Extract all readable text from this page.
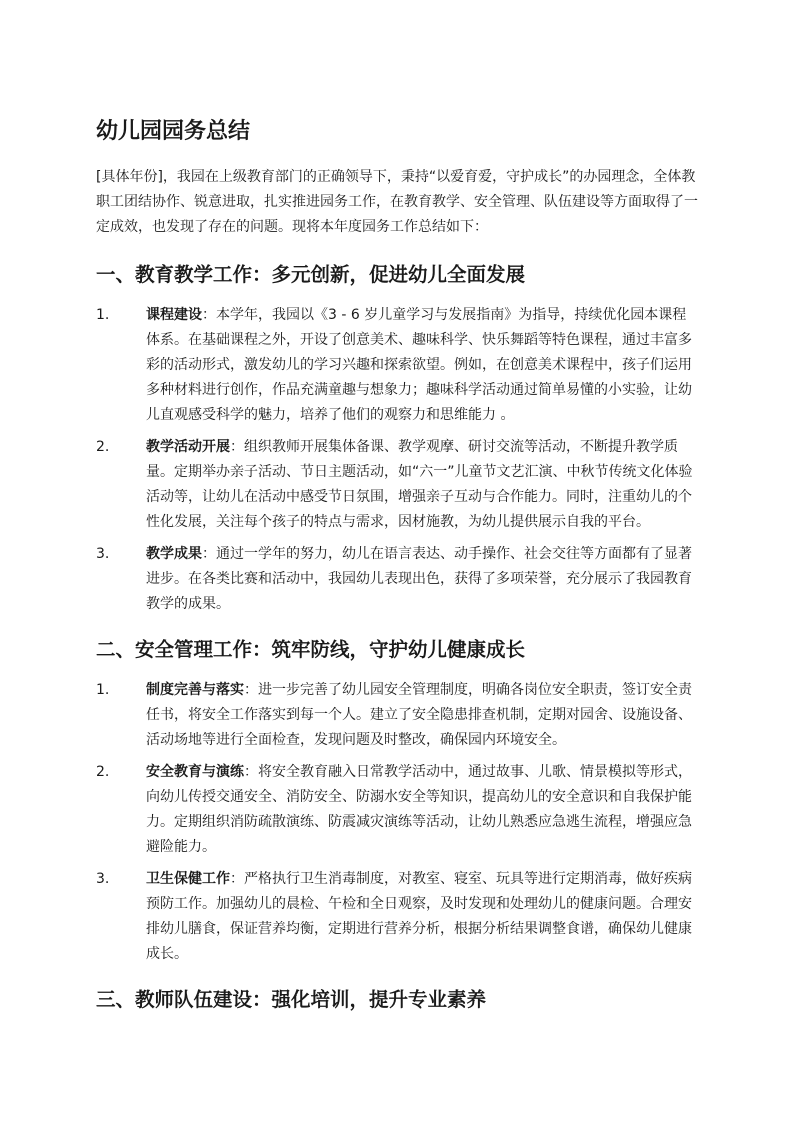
幼儿园园务总结
[具体年份]，我园在上级教育部门的正确领导下，秉持“以爱育爱，守护成长”的办园理念，全体教职工团结协作、锐意进取，扎实推进园务工作，在教育教学、安全管理、队伍建设等方面取得了一定成效，也发现了存在的问题。现将本年度园务工作总结如下：
一、教育教学工作：多元创新，促进幼儿全面发展
1.	课程建设：本学年，我园以《3 - 6 岁儿童学习与发展指南》为指导，持续优化园本课程体系。在基础课程之外，开设了创意美术、趣味科学、快乐舞蹈等特色课程，通过丰富多彩的活动形式，激发幼儿的学习兴趣和探索欲望。例如，在创意美术课程中，孩子们运用多种材料进行创作，作品充满童趣与想象力；趣味科学活动通过简单易懂的小实验，让幼儿直观感受科学的魅力，培养了他们的观察力和思维能力 。
2.	教学活动开展：组织教师开展集体备课、教学观摩、研讨交流等活动，不断提升教学质量。定期举办亲子活动、节日主题活动，如“六一”儿童节文艺汇演、中秋节传统文化体验活动等，让幼儿在活动中感受节日氛围，增强亲子互动与合作能力。同时，注重幼儿的个性化发展，关注每个孩子的特点与需求，因材施教，为幼儿提供展示自我的平台。
3.	教学成果：通过一学年的努力，幼儿在语言表达、动手操作、社会交往等方面都有了显著进步。在各类比赛和活动中，我园幼儿表现出色，获得了多项荣誉，充分展示了我园教育教学的成果。
二、安全管理工作：筑牢防线，守护幼儿健康成长
1.	制度完善与落实：进一步完善了幼儿园安全管理制度，明确各岗位安全职责，签订安全责任书，将安全工作落实到每一个人。建立了安全隐患排查机制，定期对园舍、设施设备、活动场地等进行全面检查，发现问题及时整改，确保园内环境安全。
2.	安全教育与演练：将安全教育融入日常教学活动中，通过故事、儿歌、情景模拟等形式，向幼儿传授交通安全、消防安全、防溺水安全等知识，提高幼儿的安全意识和自我保护能力。定期组织消防疏散演练、防震减灾演练等活动，让幼儿熟悉应急逃生流程，增强应急避险能力。
3.	卫生保健工作：严格执行卫生消毒制度，对教室、寝室、玩具等进行定期消毒，做好疾病预防工作。加强幼儿的晨检、午检和全日观察，及时发现和处理幼儿的健康问题。合理安排幼儿膳食，保证营养均衡，定期进行营养分析，根据分析结果调整食谱，确保幼儿健康成长。
三、教师队伍建设：强化培训，提升专业素养
